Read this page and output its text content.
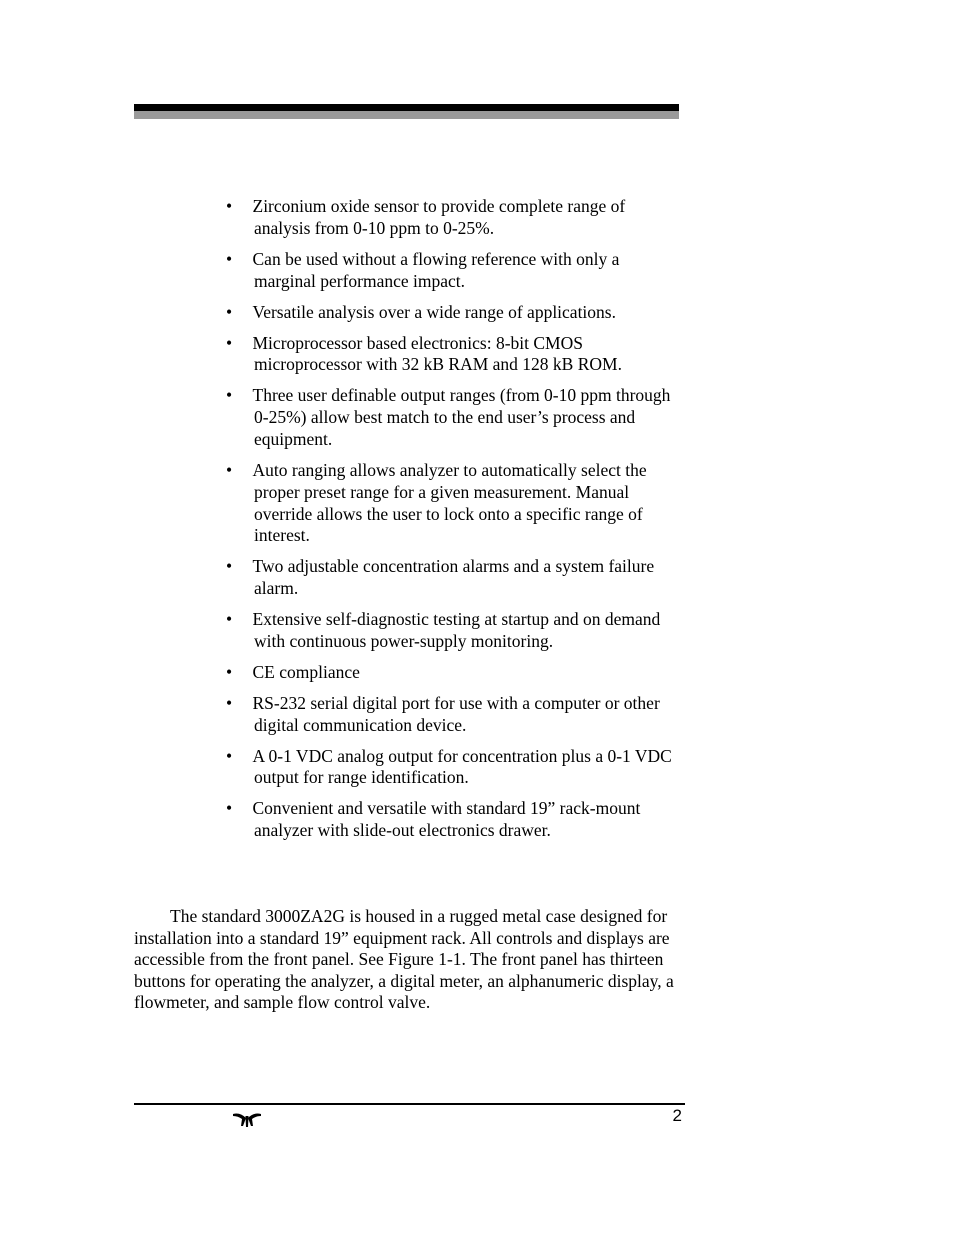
• Zirconium oxide sensor to provide complete range of analysis from 0-10 ppm to 0-25%.
• Can be used without a flowing reference with only a marginal performance impact.
• Versatile analysis over a wide range of applications.
• Microprocessor based electronics: 8-bit CMOS microprocessor with 32 kB RAM and 128 kB ROM.
• Three user definable output ranges (from 0-10 ppm through 0-25%) allow best match to the end user’s process and equipment.
• Auto ranging allows analyzer to automatically select the proper preset range for a given measurement. Manual override allows the user to lock onto a specific range of interest.
• Two adjustable concentration alarms and a system failure alarm.
• Extensive self-diagnostic testing at startup and on demand with continuous power-supply monitoring.
• CE compliance
• RS-232 serial digital port for use with a computer or other digital communication device.
• A 0-1 VDC analog output for concentration plus a 0-1 VDC output for range identification.
• Convenient and versatile with standard 19” rack-mount analyzer with slide-out electronics drawer.

The standard 3000ZA2G is housed in a rugged metal case designed for installation into a standard 19” equipment rack. All controls and displays are accessible from the front panel. See Figure 1-1. The front panel has thirteen buttons for operating the analyzer, a digital meter, an alphanumeric display, a flowmeter, and sample flow control valve.

2
